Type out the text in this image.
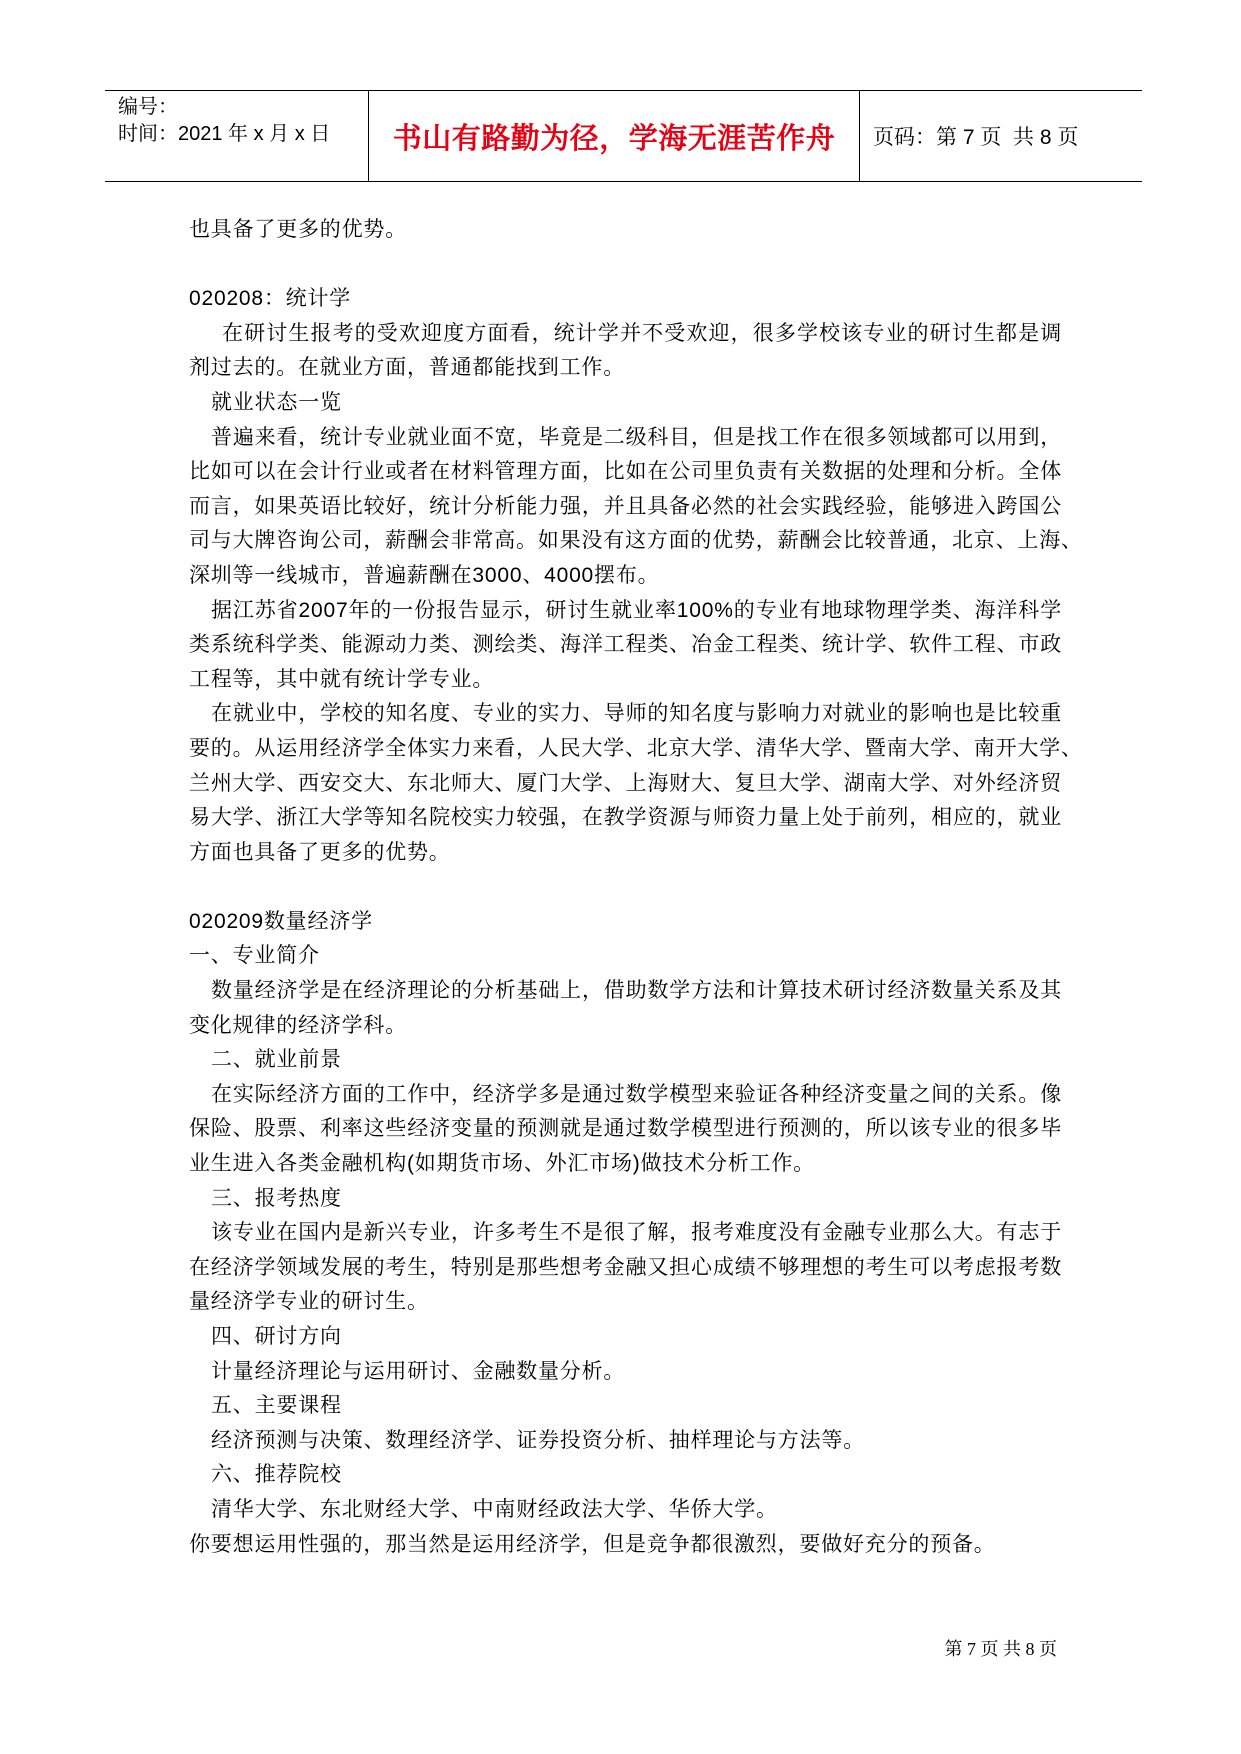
编号：
时间：2021 年 x 月 x 日	书山有路勤为径，学海无涯苦作舟	页码：第 7 页  共 8 页
也具备了更多的优势。
020208：统计学
在研讨生报考的受欢迎度方面看，统计学并不受欢迎，很多学校该专业的研讨生都是调
剂过去的。在就业方面，普通都能找到工作。
就业状态一览
普遍来看，统计专业就业面不宽，毕竟是二级科目，但是找工作在很多领域都可以用到，
比如可以在会计行业或者在材料管理方面，比如在公司里负责有关数据的处理和分析。全体
而言，如果英语比较好，统计分析能力强，并且具备必然的社会实践经验，能够进入跨国公
司与大牌咨询公司，薪酬会非常高。如果没有这方面的优势，薪酬会比较普通，北京、上海、
深圳等一线城市，普遍薪酬在3000、4000摆布。
据江苏省2007年的一份报告显示，研讨生就业率100%的专业有地球物理学类、海洋科学
类系统科学类、能源动力类、测绘类、海洋工程类、冶金工程类、统计学、软件工程、市政
工程等，其中就有统计学专业。
在就业中，学校的知名度、专业的实力、导师的知名度与影响力对就业的影响也是比较重
要的。从运用经济学全体实力来看，人民大学、北京大学、清华大学、暨南大学、南开大学、
兰州大学、西安交大、东北师大、厦门大学、上海财大、复旦大学、湖南大学、对外经济贸
易大学、浙江大学等知名院校实力较强，在教学资源与师资力量上处于前列，相应的，就业
方面也具备了更多的优势。
020209数量经济学
一、专业简介
数量经济学是在经济理论的分析基础上，借助数学方法和计算技术研讨经济数量关系及其
变化规律的经济学科。
二、就业前景
在实际经济方面的工作中，经济学多是通过数学模型来验证各种经济变量之间的关系。像
保险、股票、利率这些经济变量的预测就是通过数学模型进行预测的，所以该专业的很多毕
业生进入各类金融机构(如期货市场、外汇市场)做技术分析工作。
三、报考热度
该专业在国内是新兴专业，许多考生不是很了解，报考难度没有金融专业那么大。有志于
在经济学领域发展的考生，特别是那些想考金融又担心成绩不够理想的考生可以考虑报考数
量经济学专业的研讨生。
四、研讨方向
计量经济理论与运用研讨、金融数量分析。
五、主要课程
经济预测与决策、数理经济学、证券投资分析、抽样理论与方法等。
六、推荐院校
清华大学、东北财经大学、中南财经政法大学、华侨大学。
你要想运用性强的，那当然是运用经济学，但是竞争都很激烈，要做好充分的预备。
第 7 页 共 8 页
